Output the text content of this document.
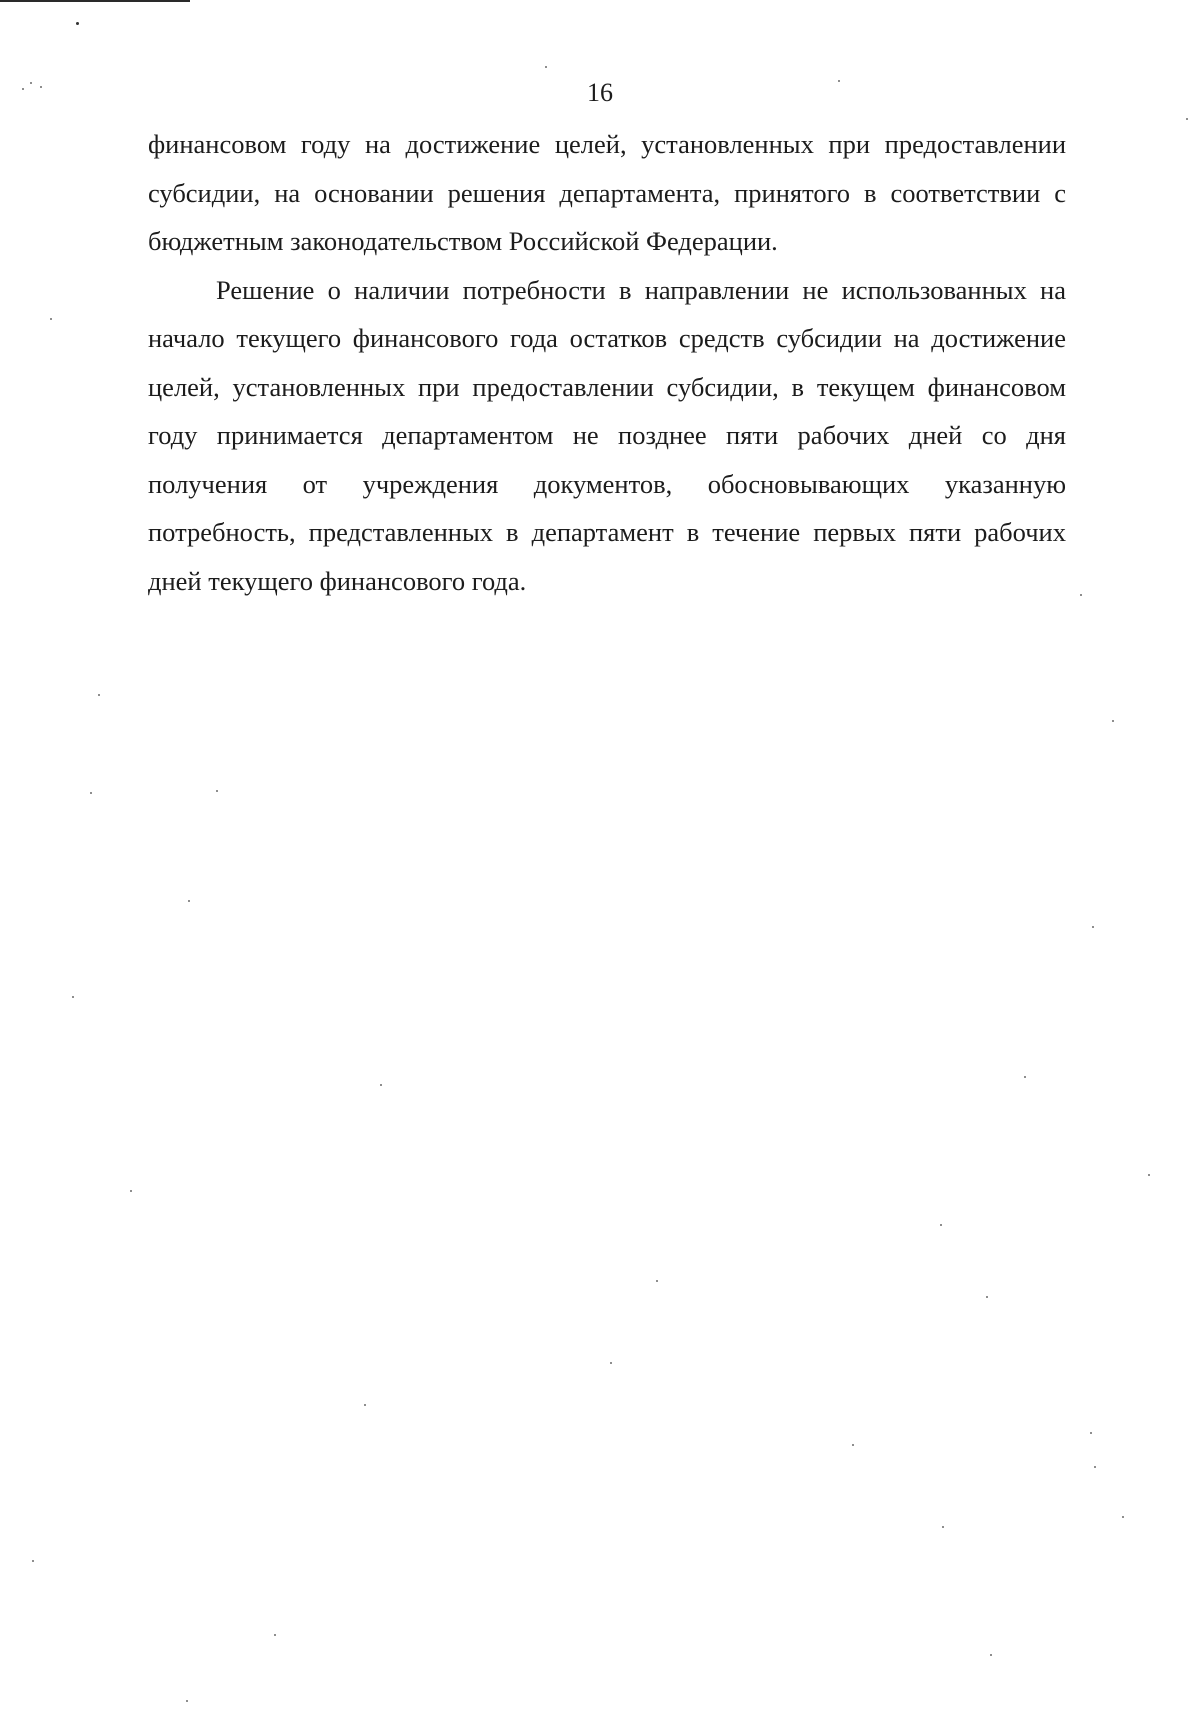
16

финансовом году на достижение целей, установленных при предоставлении субсидии, на основании решения департамента, принятого в соответствии с бюджетным законодательством Российской Федерации.

Решение о наличии потребности в направлении не использованных на начало текущего финансового года остатков средств субсидии на достижение целей, установленных при предоставлении субсидии, в текущем финансовом году принимается департаментом не позднее пяти рабочих дней со дня получения от учреждения документов, обосновывающих указанную потребность, представленных в департамент в течение первых пяти рабочих дней текущего финансового года.
